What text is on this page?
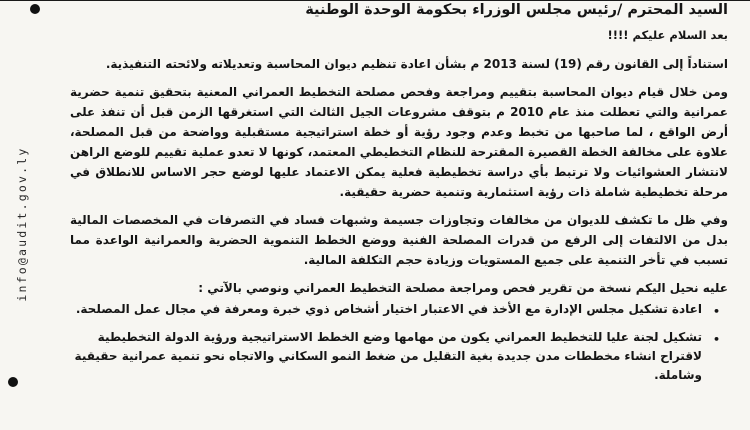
info@audit.gov.ly
السيد المحترم /رئيس مجلس الوزراء بحكومة الوحدة الوطنية
بعد السلام عليكم !!!!

استناداً إلى القانون رقم (19) لسنة 2013 م بشأن اعادة تنظيم ديوان المحاسبة وتعديلاته ولائحته التنفيذية.

ومن خلال قيام ديوان المحاسبة بتقييم ومراجعة وفحص مصلحة التخطيط العمراني المعنية بتحقيق تنمية حضرية عمرانية والتي تعطلت منذ عام 2010 م بتوقف مشروعات الجيل الثالث التي استغرقها الزمن قبل أن تنفذ على أرض الواقع ، لما صاحبها من تخبط وعدم وجود رؤية أو خطة استراتيجية مستقبلية وواضحة من قبل المصلحة، علاوة على مخالفة الخطة القصيرة المقترحة للنظام التخطيطي المعتمد، كونها لا تعدو عملية تقييم للوضع الراهن لانتشار العشوائيات ولا ترتبط بأي دراسة تخطيطية فعلية يمكن الاعتماد عليها لوضع حجر الاساس للانطلاق في مرحلة تخطيطية شاملة ذات رؤية استثمارية وتنمية حضرية حقيقية.

وفي ظل ما تكشف للديوان من مخالفات وتجاوزات جسيمة وشبهات فساد في التصرفات في المخصصات المالية بدل من الالتفات إلى الرفع من قدرات المصلحة الفنية ووضع الخطط التنموية الحضرية والعمرانية الواعدة مما تسبب في تأخر التنمية على جميع المستويات وزيادة حجم التكلفة المالية.

عليه نحيل اليكم نسخة من تقرير فحص ومراجعة مصلحة التخطيط العمراني ونوصي بالآتي :

•
اعادة تشكيل مجلس الإدارة مع الأخذ في الاعتبار اختيار أشخاص ذوي خبرة ومعرفة في مجال عمل المصلحة.
•
تشكيل لجنة عليا للتخطيط العمراني يكون من مهامها وضع الخطط الاستراتيجية ورؤية الدولة التخطيطية لاقتراح انشاء مخططات مدن جديدة بغية التقليل من ضغط النمو السكاني والاتجاه نحو تنمية عمرانية حقيقية وشاملة.
